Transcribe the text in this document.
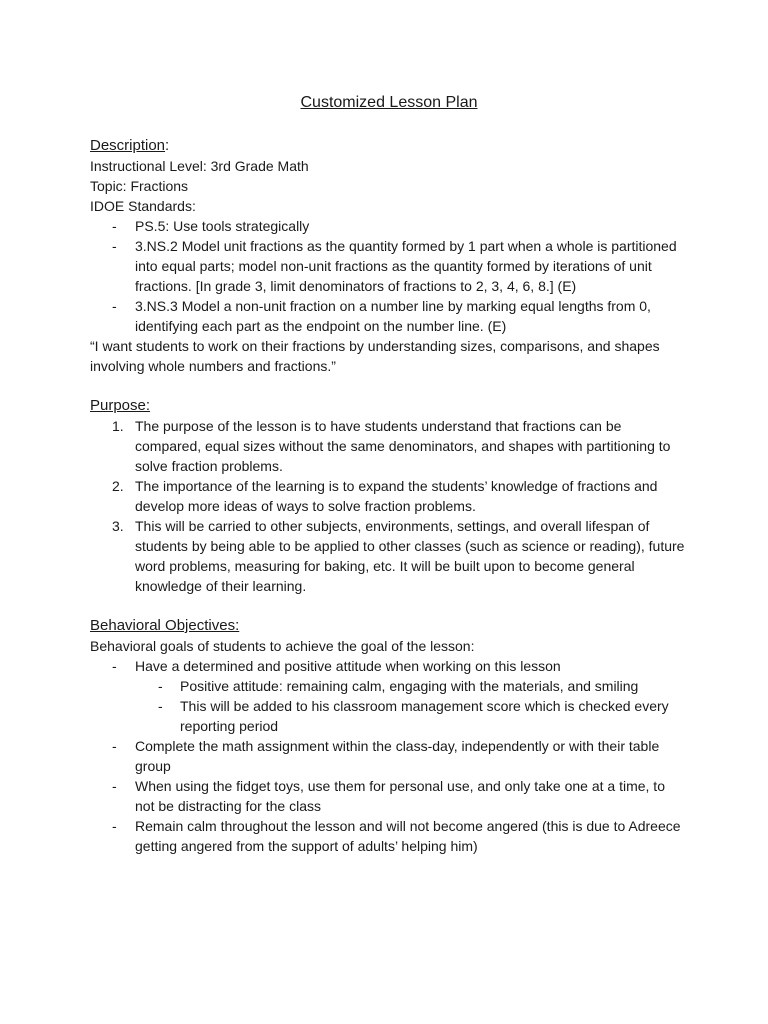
Customized Lesson Plan
Description:
Instructional Level: 3rd Grade Math
Topic: Fractions
IDOE Standards:
- PS.5: Use tools strategically
- 3.NS.2 Model unit fractions as the quantity formed by 1 part when a whole is partitioned into equal parts; model non-unit fractions as the quantity formed by iterations of unit fractions. [In grade 3, limit denominators of fractions to 2, 3, 4, 6, 8.] (E)
- 3.NS.3 Model a non-unit fraction on a number line by marking equal lengths from 0, identifying each part as the endpoint on the number line. (E)
“I want students to work on their fractions by understanding sizes, comparisons, and shapes involving whole numbers and fractions.”
Purpose:
1. The purpose of the lesson is to have students understand that fractions can be compared, equal sizes without the same denominators, and shapes with partitioning to solve fraction problems.
2. The importance of the learning is to expand the students’ knowledge of fractions and develop more ideas of ways to solve fraction problems.
3. This will be carried to other subjects, environments, settings, and overall lifespan of students by being able to be applied to other classes (such as science or reading), future word problems, measuring for baking, etc. It will be built upon to become general knowledge of their learning.
Behavioral Objectives:
Behavioral goals of students to achieve the goal of the lesson:
- Have a determined and positive attitude when working on this lesson
- Positive attitude: remaining calm, engaging with the materials, and smiling
- This will be added to his classroom management score which is checked every reporting period
- Complete the math assignment within the class-day, independently or with their table group
- When using the fidget toys, use them for personal use, and only take one at a time, to not be distracting for the class
- Remain calm throughout the lesson and will not become angered (this is due to Adreece getting angered from the support of adults’ helping him)
